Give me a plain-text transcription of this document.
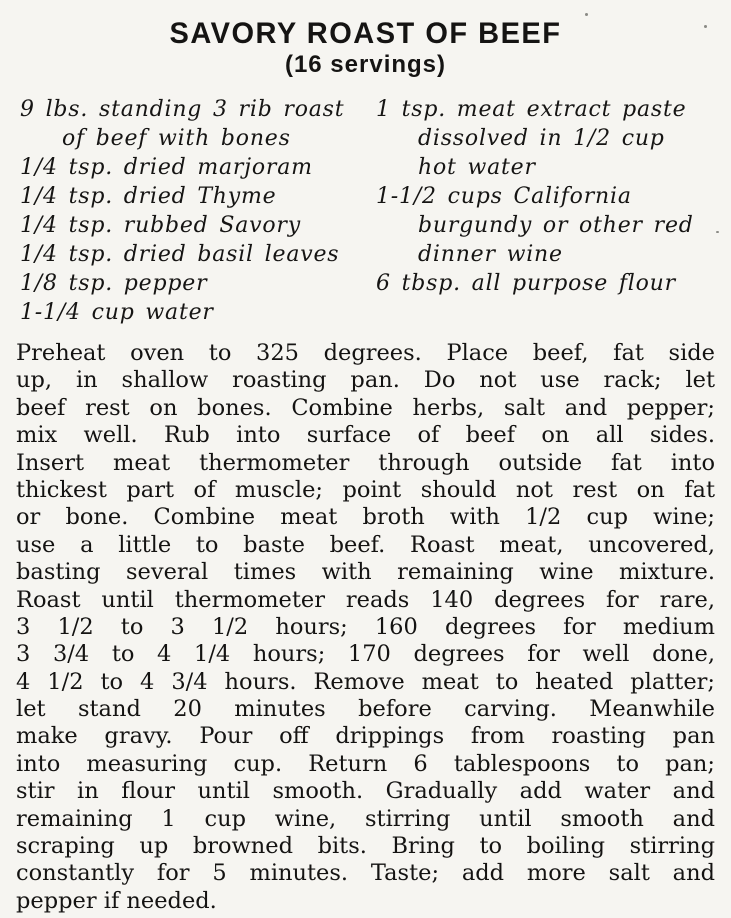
SAVORY ROAST OF BEEF
(16 servings)
9 lbs. standing 3 rib roast
of beef with bones
1/4 tsp. dried marjoram
1/4 tsp. dried Thyme
1/4 tsp. rubbed Savory
1/4 tsp. dried basil leaves
1/8 tsp. pepper
1-1/4 cup water
1 tsp. meat extract paste
dissolved in 1/2 cup
hot water
1-1/2 cups California
burgundy or other red
dinner wine
6 tbsp. all purpose flour
Preheat oven to 325 degrees. Place beef, fat side
up, in shallow roasting pan. Do not use rack; let
beef rest on bones. Combine herbs, salt and pepper;
mix well. Rub into surface of beef on all sides.
Insert meat thermometer through outside fat into
thickest part of muscle; point should not rest on fat
or bone. Combine meat broth with 1/2 cup wine;
use a little to baste beef. Roast meat, uncovered,
basting several times with remaining wine mixture.
Roast until thermometer reads 140 degrees for rare,
3 1/2 to 3 1/2 hours; 160 degrees for medium
3 3/4 to 4 1/4 hours; 170 degrees for well done,
4 1/2 to 4 3/4 hours. Remove meat to heated platter;
let stand 20 minutes before carving. Meanwhile
make gravy. Pour off drippings from roasting pan
into measuring cup. Return 6 tablespoons to pan;
stir in flour until smooth. Gradually add water and
remaining 1 cup wine, stirring until smooth and
scraping up browned bits. Bring to boiling stirring
constantly for 5 minutes. Taste; add more salt and
pepper if needed.
